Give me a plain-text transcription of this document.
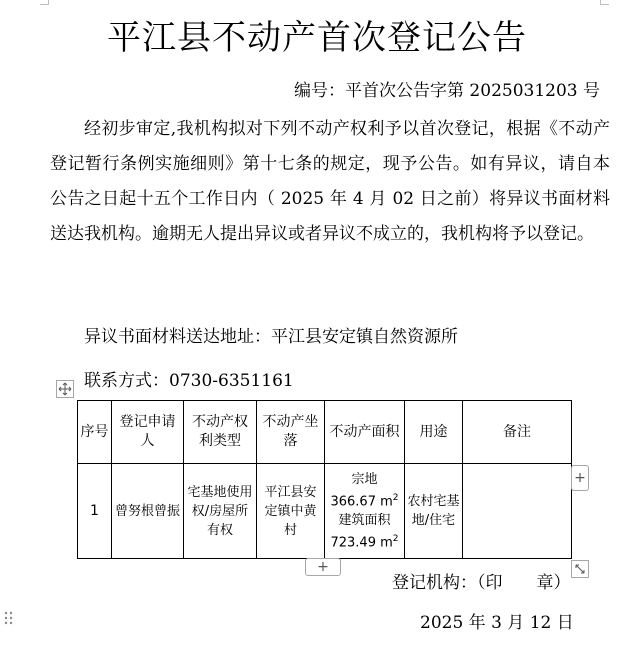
平江县不动产首次登记公告
编号：平首次公告字第 2025031203 号
经初步审定,我机构拟对下列不动产权利予以首次登记，根据《不动产登记暂行条例实施细则》第十七条的规定，现予公告。如有异议，请自本公告之日起十五个工作日内（ 2025 年 4 月 02 日之前）将异议书面材料送达我机构。逾期无人提出异议或者异议不成立的，我机构将予以登记。
异议书面材料送达地址：平江县安定镇自然资源所
联系方式：0730-6351161
序号	登记申请人	不动产权利类型	不动产坐落	不动产面积	用途	备注
1	曾努根曾振	宅基地使用权/房屋所有权	平江县安定镇中黄村	宗地
366.67 $m^2$
建筑面积
723.49 $m^2$	农村宅基地/住宅	
+
+
登记机构：（印　　章）
2025 年 3 月 12 日
